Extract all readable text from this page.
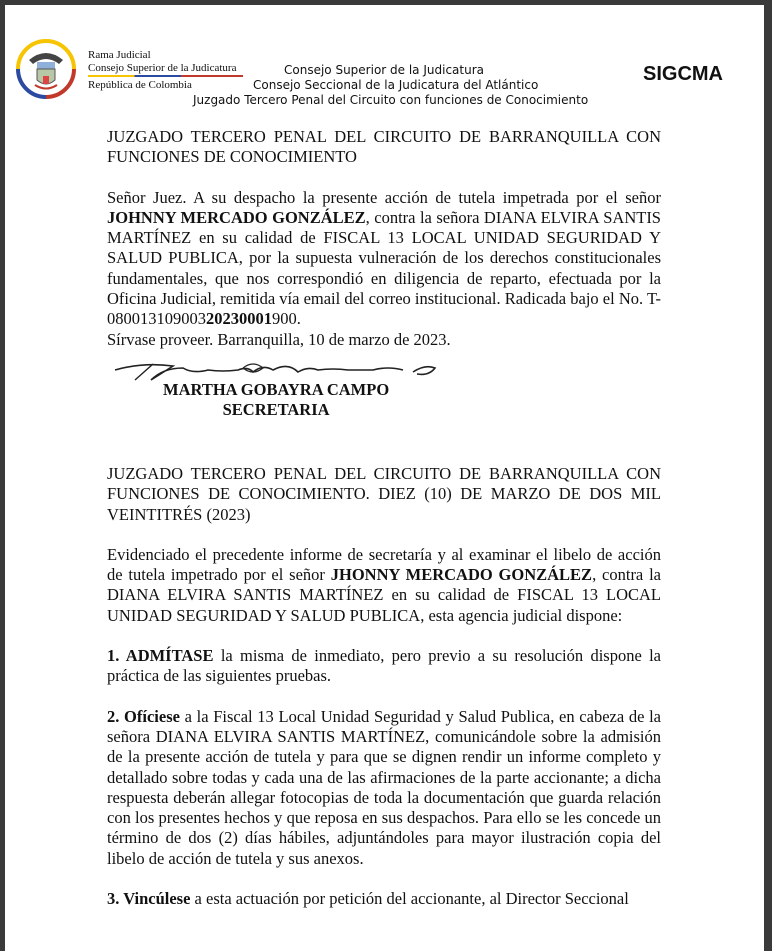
Rama Judicial
Consejo Superior de la Judicatura
República de Colombia
Consejo Superior de la Judicatura
Consejo Seccional de la Judicatura del Atlántico
Juzgado Tercero Penal del Circuito con funciones de Conocimiento
SIGCMA

JUZGADO TERCERO PENAL DEL CIRCUITO DE BARRANQUILLA CON FUNCIONES DE CONOCIMIENTO

Señor Juez. A su despacho la presente acción de tutela impetrada por el señor JOHNNY MERCADO GONZÁLEZ, contra la señora DIANA ELVIRA SANTIS MARTÍNEZ en su calidad de FISCAL 13 LOCAL UNIDAD SEGURIDAD Y SALUD PUBLICA, por la supuesta vulneración de los derechos constitucionales fundamentales, que nos correspondió en diligencia de reparto, efectuada por la Oficina Judicial, remitida vía email del correo institucional. Radicada bajo el No. T- 08001310900320230001900.

Sírvase proveer. Barranquilla, 10 de marzo de 2023.

MARTHA GOBAYRA CAMPO
SECRETARIA

JUZGADO TERCERO PENAL DEL CIRCUITO DE BARRANQUILLA CON FUNCIONES DE CONOCIMIENTO. DIEZ (10) DE MARZO DE DOS MIL VEINTITRÉS (2023)

Evidenciado el precedente informe de secretaría y al examinar el libelo de acción de tutela impetrado por el señor JHONNY MERCADO GONZÁLEZ, contra la DIANA ELVIRA SANTIS MARTÍNEZ en su calidad de FISCAL 13 LOCAL UNIDAD SEGURIDAD Y SALUD PUBLICA, esta agencia judicial dispone:

1. ADMÍTASE la misma de inmediato, pero previo a su resolución dispone la práctica de las siguientes pruebas.

2. Ofíciese a la Fiscal 13 Local Unidad Seguridad y Salud Publica, en cabeza de la señora DIANA ELVIRA SANTIS MARTÍNEZ, comunicándole sobre la admisión de la presente acción de tutela y para que se dignen rendir un informe completo y detallado sobre todas y cada una de las afirmaciones de la parte accionante; a dicha respuesta deberán allegar fotocopias de toda la documentación que guarda relación con los presentes hechos y que reposa en sus despachos. Para ello se les concede un término de dos (2) días hábiles, adjuntándoles para mayor ilustración copia del libelo de acción de tutela y sus anexos.

3. Vincúlese a esta actuación por petición del accionante, al Director Seccional
